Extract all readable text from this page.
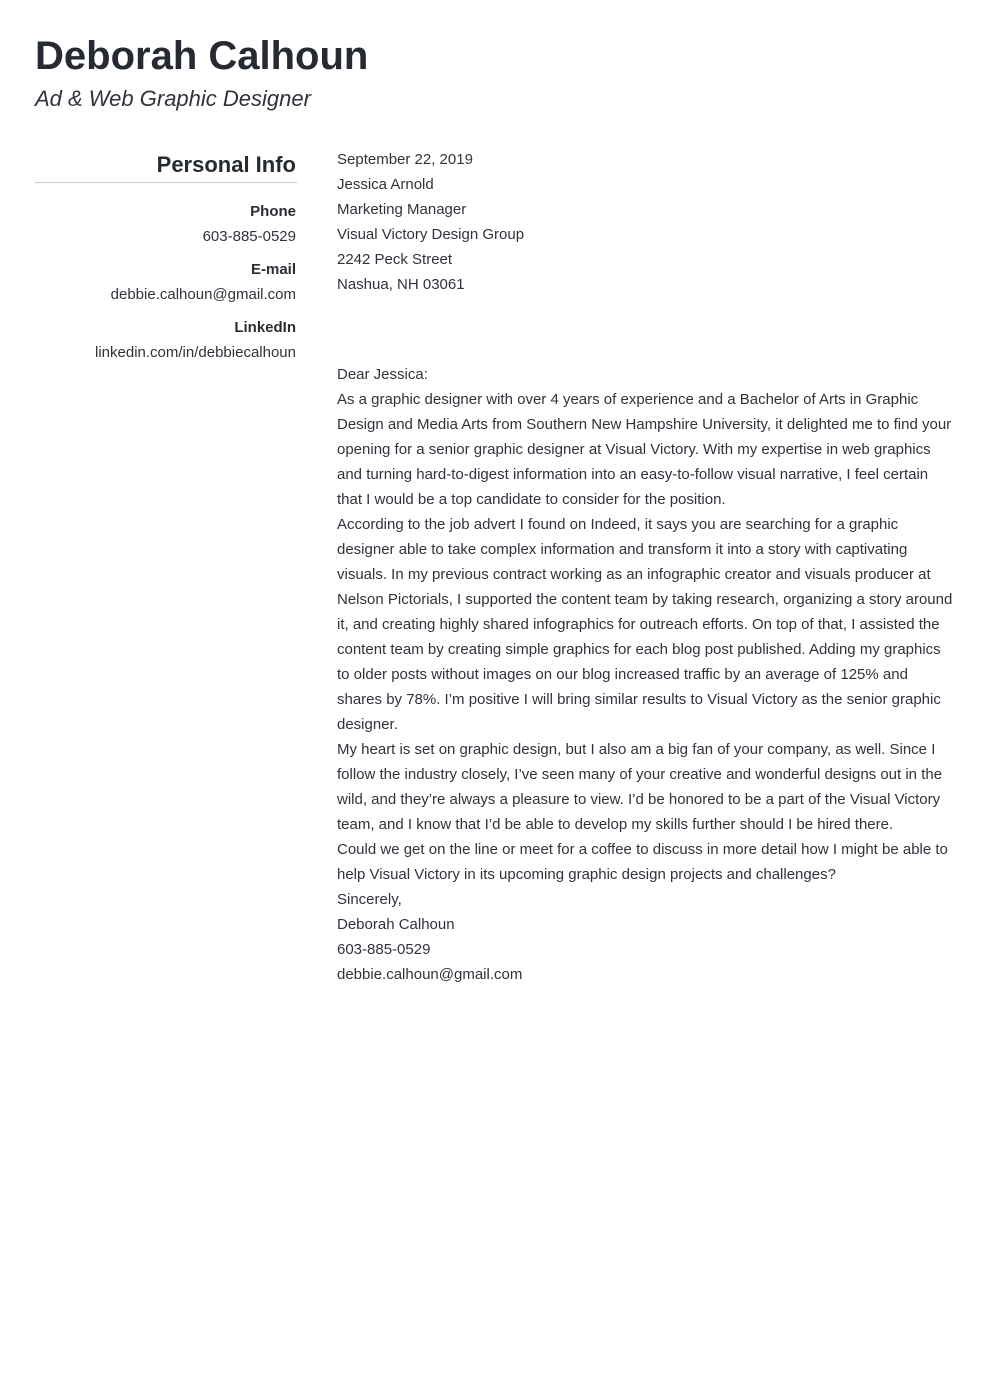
Deborah Calhoun
Ad & Web Graphic Designer
Personal Info
Phone
603-885-0529
E-mail
debbie.calhoun@gmail.com
LinkedIn
linkedin.com/in/debbiecalhoun

September 22, 2019

Jessica Arnold
Marketing Manager
Visual Victory Design Group
2242 Peck Street
Nashua, NH 03061

Dear Jessica:

As a graphic designer with over 4 years of experience and a Bachelor of Arts in Graphic Design and Media Arts from Southern New Hampshire University, it delighted me to find your opening for a senior graphic designer at Visual Victory. With my expertise in web graphics and turning hard-to-digest information into an easy-to-follow visual narrative, I feel certain that I would be a top candidate to consider for the position.

According to the job advert I found on Indeed, it says you are searching for a graphic designer able to take complex information and transform it into a story with captivating visuals. In my previous contract working as an infographic creator and visuals producer at Nelson Pictorials, I supported the content team by taking research, organizing a story around it, and creating highly shared infographics for outreach efforts. On top of that, I assisted the content team by creating simple graphics for each blog post published. Adding my graphics to older posts without images on our blog increased traffic by an average of 125% and shares by 78%. I’m positive I will bring similar results to Visual Victory as the senior graphic designer.

My heart is set on graphic design, but I also am a big fan of your company, as well. Since I follow the industry closely, I’ve seen many of your creative and wonderful designs out in the wild, and they’re always a pleasure to view. I’d be honored to be a part of the Visual Victory team, and I know that I’d be able to develop my skills further should I be hired there.

Could we get on the line or meet for a coffee to discuss in more detail how I might be able to help Visual Victory in its upcoming graphic design projects and challenges?

Sincerely,

Deborah Calhoun
603-885-0529
debbie.calhoun@gmail.com
